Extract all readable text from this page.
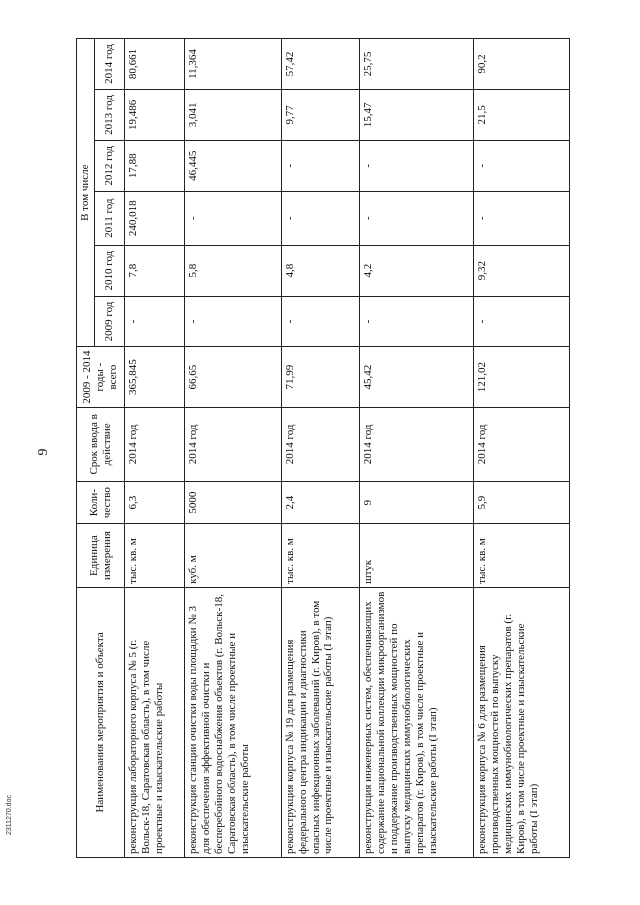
9
2311270.doc
Наименования мероприятия и объекта	Единица измерения	Коли-чество	Срок ввода в действие	2009 - 2014 годы - всего	В том числе					
					2009 год	2010 год	2011 год	2012 год	2013 год	2014 год
реконструкция лабораторного корпуса № 5 (г. Вольск-18, Саратовская область), в том числе проектные и изыскательские работы	тыс. кв. м	6,3	2014 год	365,845	-	7,8	240,018	17,88	19,486	80,661
реконструкция станции очистки воды площадки № 3 для обеспечения эффективной очистки и бесперебойного водоснабжения объектов (г. Вольск-18, Саратовская область), в том числе проектные и изыскательские работы	куб. м	5000	2014 год	66,65	-	5,8	-	46,445	3,041	11,364
реконструкция корпуса № 19 для размещения федерального центра индикации и диагностики опасных инфекционных заболеваний (г. Киров), в том числе проектные и изыскательские работы (I этап)	тыс. кв. м	2,4	2014 год	71,99	-	4,8	-	-	9,77	57,42
реконструкция инженерных систем, обеспечивающих содержание национальной коллекции микроорганизмов и поддержание производственных мощностей по выпуску медицинских иммунобиологических препаратов (г. Киров), в том числе проектные и изыскательские работы (I этап)	штук	9	2014 год	45,42	-	4,2	-	-	15,47	25,75
реконструкция корпуса № 6 для размещения производственных мощностей по выпуску медицинских иммунобиологических препаратов (г. Киров), в том числе проектные и изыскательские работы (I этап)	тыс. кв. м	5,9	2014 год	121,02	-	9,32	-	-	21,5	90,2
